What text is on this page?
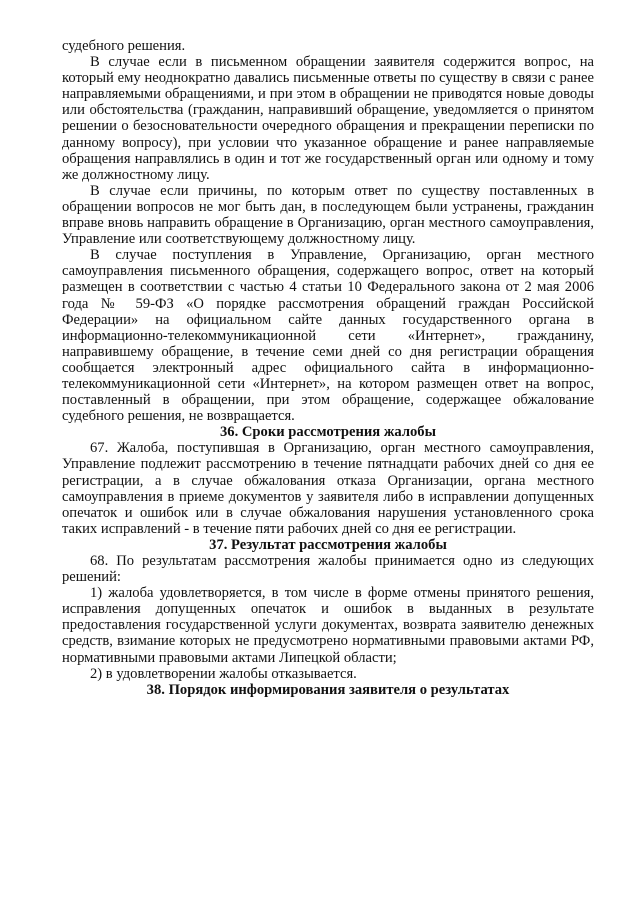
судебного решения.

В случае если в письменном обращении заявителя содержится вопрос, на который ему неоднократно давались письменные ответы по существу в связи с ранее направляемыми обращениями, и при этом в обращении не приводятся новые доводы или обстоятельства (гражданин, направивший обращение, уведомляется о принятом решении о безосновательности очередного обращения и прекращении переписки по данному вопросу), при условии что указанное обращение и ранее направляемые обращения направлялись в один и тот же государственный орган или одному и тому же должностному лицу.

В случае если причины, по которым ответ по существу поставленных в обращении вопросов не мог быть дан, в последующем были устранены, гражданин вправе вновь направить обращение в Организацию, орган местного самоуправления, Управление или соответствующему должностному лицу.

В случае поступления в Управление, Организацию, орган местного самоуправления письменного обращения, содержащего вопрос, ответ на который размещен в соответствии с частью 4 статьи 10 Федерального закона от 2 мая 2006 года № 59-ФЗ «О порядке рассмотрения обращений граждан Российской Федерации» на официальном сайте данных государственного органа в информационно-телекоммуникационной сети «Интернет», гражданину, направившему обращение, в течение семи дней со дня регистрации обращения сообщается электронный адрес официального сайта в информационно-телекоммуникационной сети «Интернет», на котором размещен ответ на вопрос, поставленный в обращении, при этом обращение, содержащее обжалование судебного решения, не возвращается.

36. Сроки рассмотрения жалобы

67. Жалоба, поступившая в Организацию, орган местного самоуправления, Управление подлежит рассмотрению в течение пятнадцати рабочих дней со дня ее регистрации, а в случае обжалования отказа Организации, органа местного самоуправления в приеме документов у заявителя либо в исправлении допущенных опечаток и ошибок или в случае обжалования нарушения установленного срока таких исправлений - в течение пяти рабочих дней со дня ее регистрации.

37. Результат рассмотрения жалобы

68. По результатам рассмотрения жалобы принимается одно из следующих решений:

1) жалоба удовлетворяется, в том числе в форме отмены принятого решения, исправления допущенных опечаток и ошибок в выданных в результате предоставления государственной услуги документах, возврата заявителю денежных средств, взимание которых не предусмотрено нормативными правовыми актами РФ, нормативными правовыми актами Липецкой области;

2) в удовлетворении жалобы отказывается.

38. Порядок информирования заявителя о результатах
